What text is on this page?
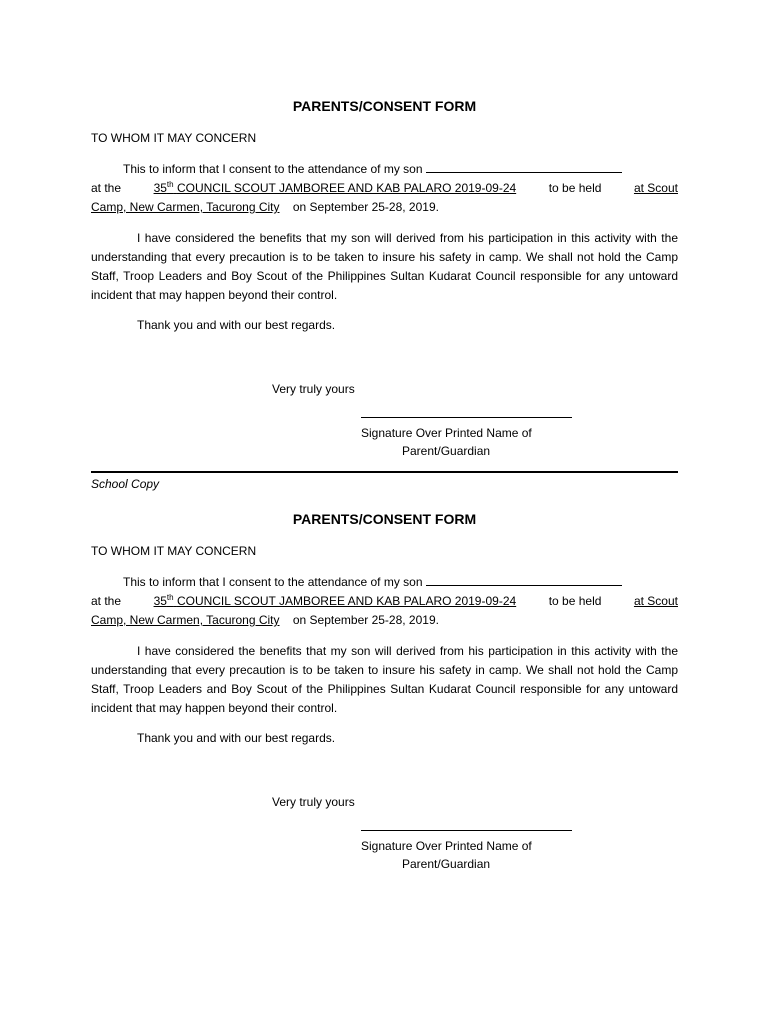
PARENTS/CONSENT FORM
TO WHOM IT MAY CONCERN
This to inform that I consent to the attendance of my son
at the	35th COUNCIL SCOUT JAMBOREE AND KAB PALARO 2019-09-24	to be held	at Scout
Camp, New Carmen, Tacurong City on September 25-28, 2019.
I have considered the benefits that my son will derived from his participation in this activity with the understanding that every precaution is to be taken to insure his safety in camp. We shall not hold the Camp Staff, Troop Leaders and Boy Scout of the Philippines Sultan Kudarat Council responsible for any untoward incident that may happen beyond their control.
Thank you and with our best regards.
Very truly yours
Signature Over Printed Name of
Parent/Guardian
School Copy
PARENTS/CONSENT FORM
TO WHOM IT MAY CONCERN
This to inform that I consent to the attendance of my son
at the	35th COUNCIL SCOUT JAMBOREE AND KAB PALARO 2019-09-24	to be held	at Scout
Camp, New Carmen, Tacurong City on September 25-28, 2019.
I have considered the benefits that my son will derived from his participation in this activity with the understanding that every precaution is to be taken to insure his safety in camp. We shall not hold the Camp Staff, Troop Leaders and Boy Scout of the Philippines Sultan Kudarat Council responsible for any untoward incident that may happen beyond their control.
Thank you and with our best regards.
Very truly yours
Signature Over Printed Name of
Parent/Guardian
